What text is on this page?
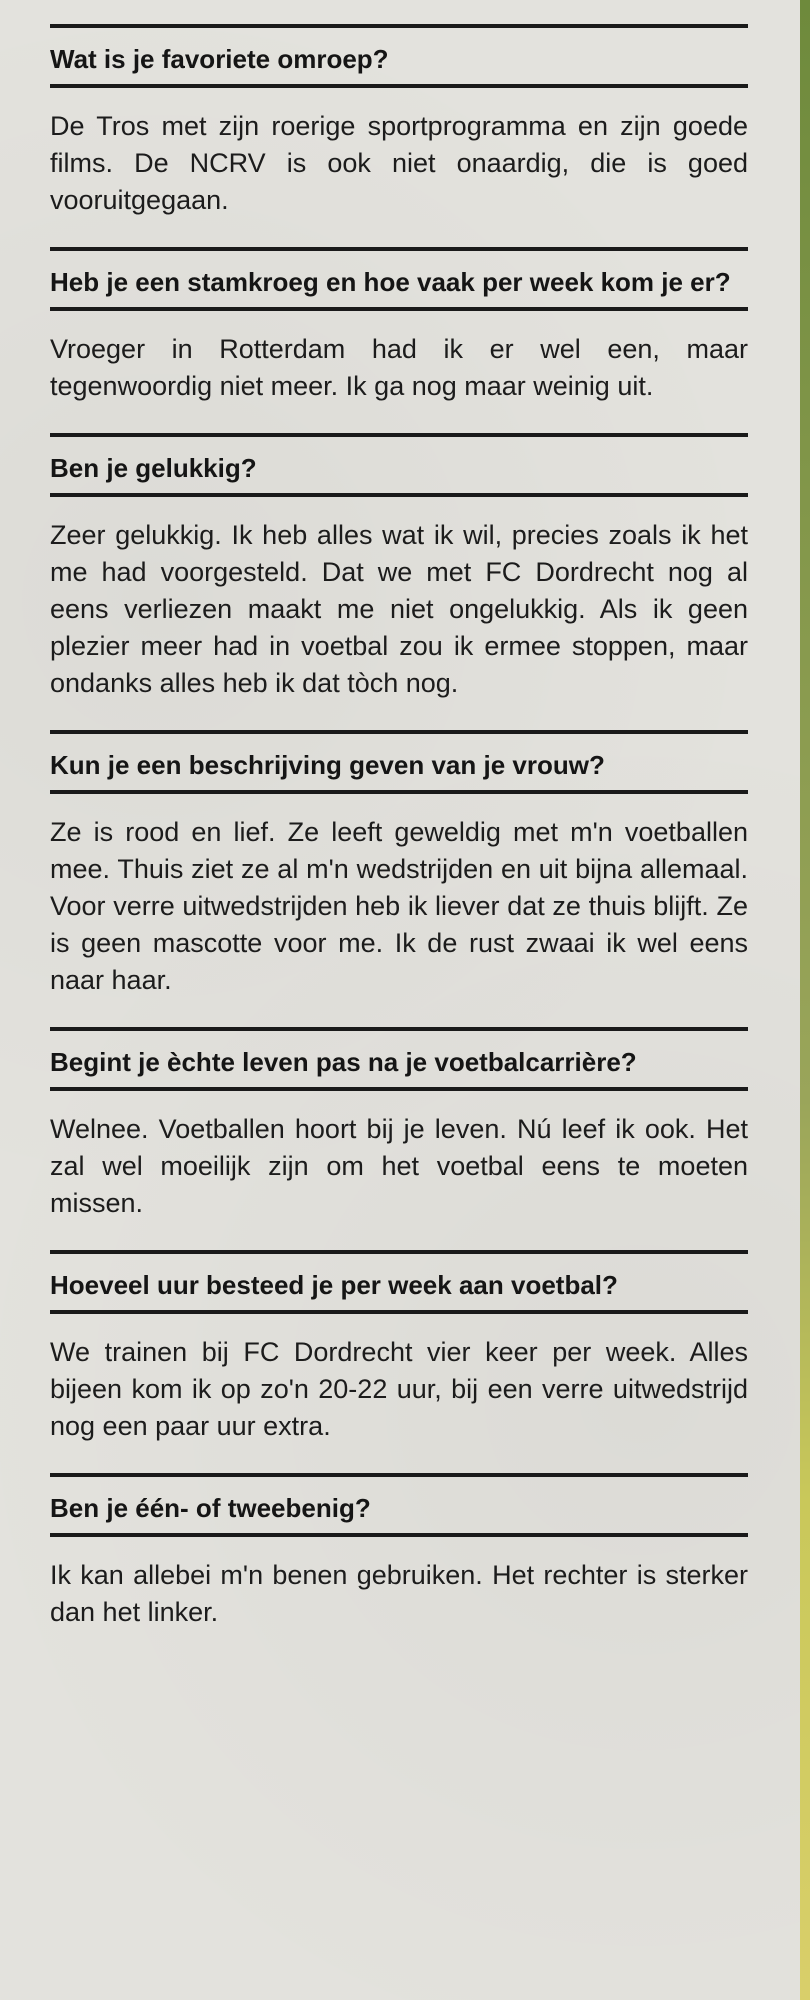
Wat is je favoriete omroep?

De Tros met zijn roerige sportprogramma en zijn goede films. De NCRV is ook niet onaardig, die is goed vooruitgegaan.

Heb je een stamkroeg en hoe vaak per week kom je er?

Vroeger in Rotterdam had ik er wel een, maar tegenwoordig niet meer. Ik ga nog maar weinig uit.

Ben je gelukkig?

Zeer gelukkig. Ik heb alles wat ik wil, precies zoals ik het me had voorgesteld. Dat we met FC Dordrecht nog al eens verliezen maakt me niet ongelukkig. Als ik geen plezier meer had in voetbal zou ik ermee stoppen, maar ondanks alles heb ik dat tòch nog.

Kun je een beschrijving geven van je vrouw?

Ze is rood en lief. Ze leeft geweldig met m'n voetballen mee. Thuis ziet ze al m'n wedstrijden en uit bijna allemaal. Voor verre uitwedstrijden heb ik liever dat ze thuis blijft. Ze is geen mascotte voor me. Ik de rust zwaai ik wel eens naar haar.

Begint je èchte leven pas na je voetbalcarrière?

Welnee. Voetballen hoort bij je leven. Nú leef ik ook. Het zal wel moeilijk zijn om het voetbal eens te moeten missen.

Hoeveel uur besteed je per week aan voetbal?

We trainen bij FC Dordrecht vier keer per week. Alles bijeen kom ik op zo'n 20-22 uur, bij een verre uitwedstrijd nog een paar uur extra.

Ben je één- of tweebenig?

Ik kan allebei m'n benen gebruiken. Het rechter is sterker dan het linker.
